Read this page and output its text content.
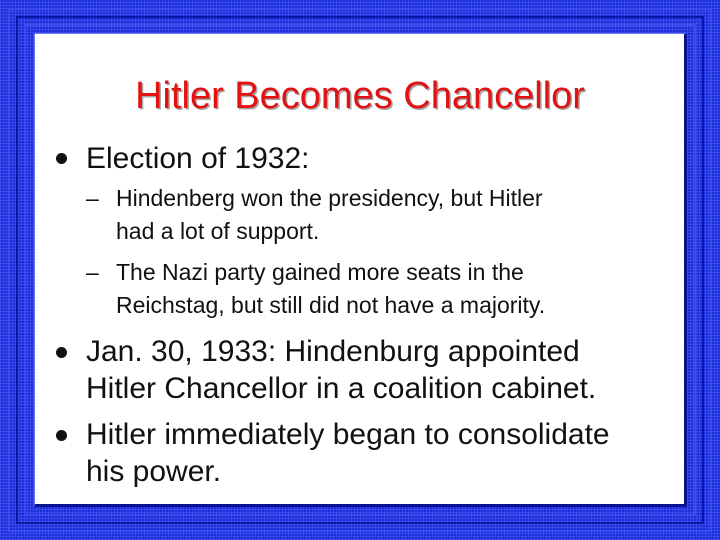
Hitler Becomes Chancellor
Election of 1932:
– Hindenberg won the presidency, but Hitler
had a lot of support.
– The Nazi party gained more seats in the
Reichstag, but still did not have a majority.
Jan. 30, 1933: Hindenburg appointed
Hitler Chancellor in a coalition cabinet.
Hitler immediately began to consolidate
his power.
